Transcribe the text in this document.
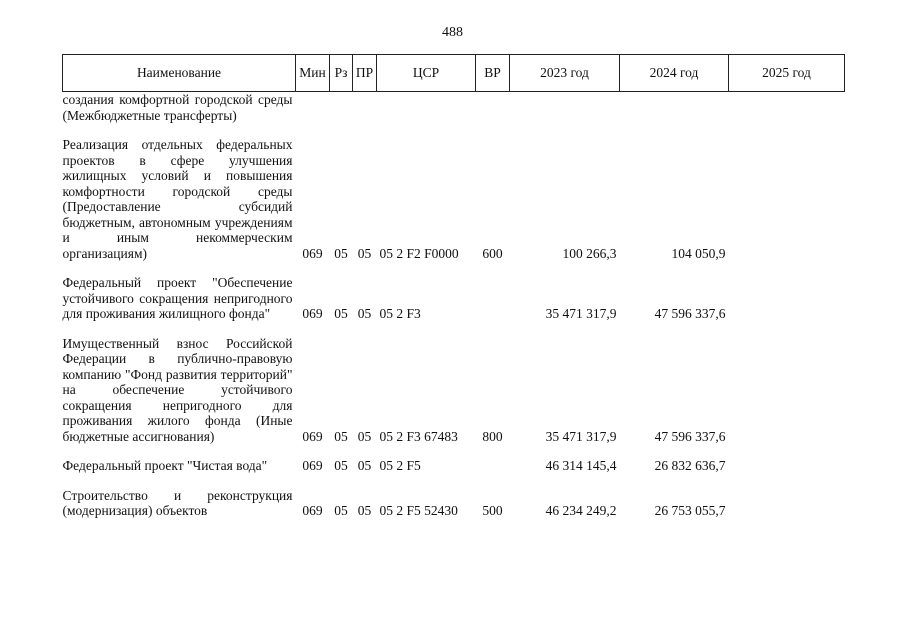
488
Наименование	Мин	Рз	ПР	ЦСР	ВР	2023 год	2024 год	2025 год
создания комфортной городской среды (Межбюджетные трансферты)								

Реализация отдельных федеральных проектов в сфере улучшения жилищных условий и повышения комфортности городской среды (Предоставление субсидий бюджетным, автономным учреждениям и иным некоммерческим организациям)	069	05	05	05 2 F2 F0000	600	100 266,3	104 050,9	

Федеральный проект "Обеспечение устойчивого сокращения непригодного для проживания жилищного фонда"	069	05	05	05 2 F3		35 471 317,9	47 596 337,6	

Имущественный взнос Российской Федерации в публично-правовую компанию "Фонд развития территорий" на обеспечение устойчивого сокращения непригодного для проживания жилого фонда (Иные бюджетные ассигнования)	069	05	05	05 2 F3 67483	800	35 471 317,9	47 596 337,6	

Федеральный проект "Чистая вода"	069	05	05	05 2 F5		46 314 145,4	26 832 636,7	

Строительство и реконструкция (модернизация) объектов	069	05	05	05 2 F5 52430	500	46 234 249,2	26 753 055,7	
